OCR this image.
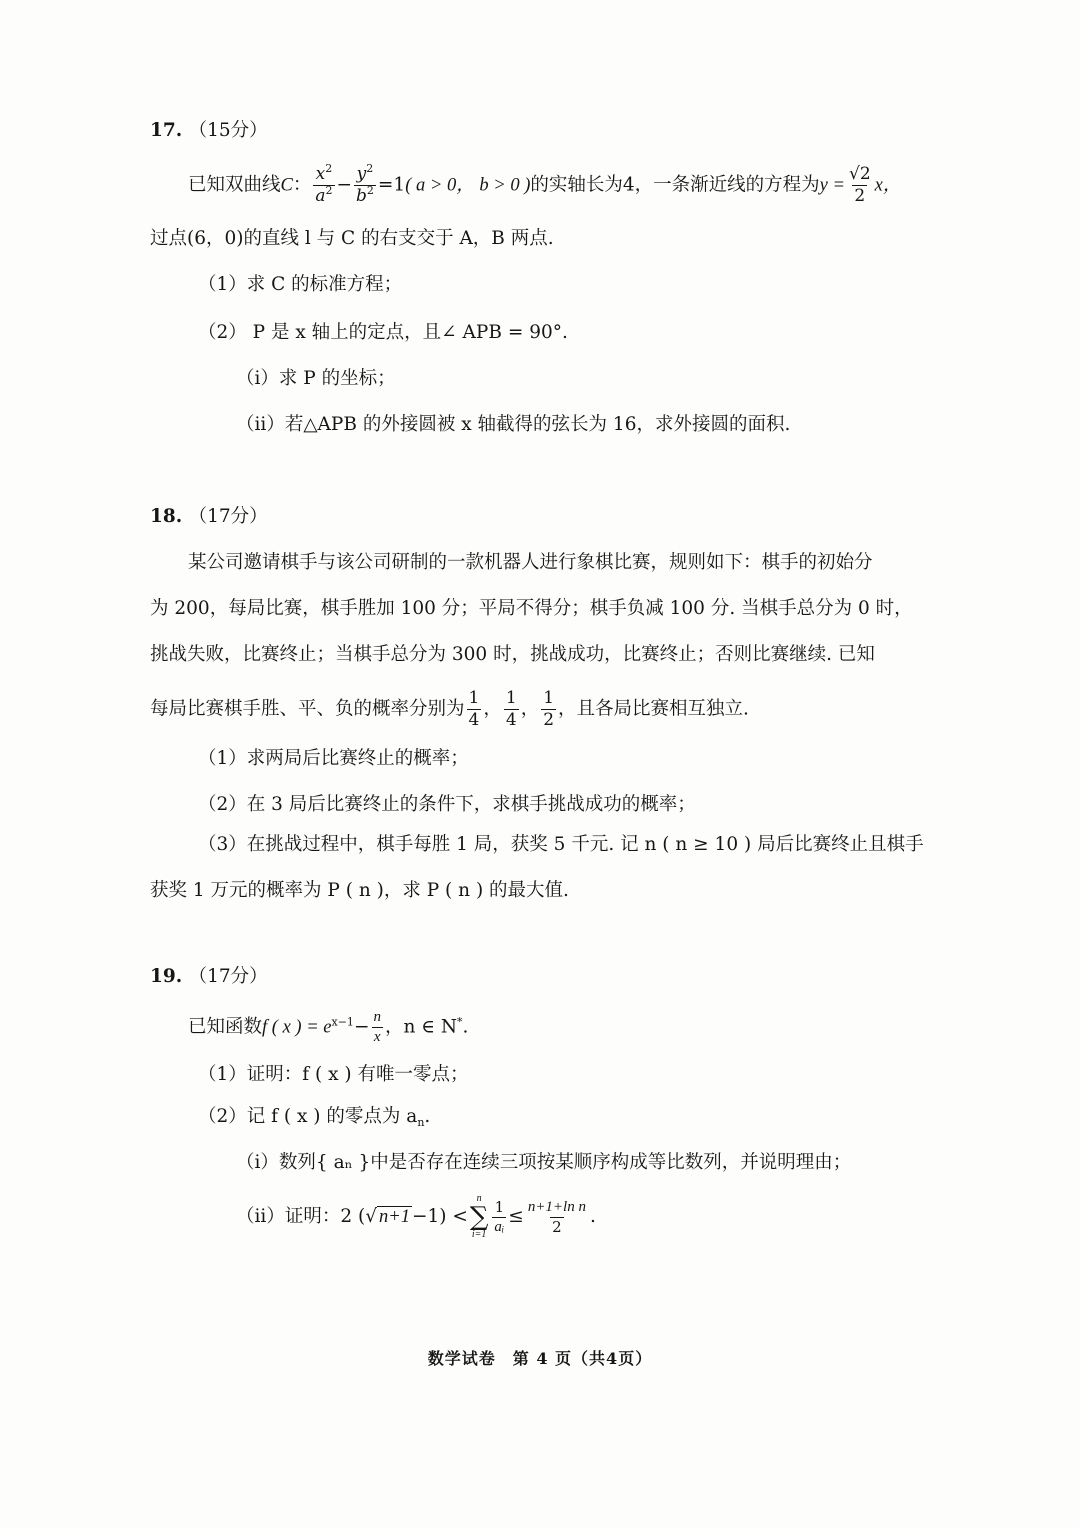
17. （15分）
已知双曲线C： $\frac{x^2}{a^2} - \frac{y^2}{b^2} =1$( a > 0， b > 0 )的实轴长为4，一条渐近线的方程为$y = \frac{√2}{2}$ x，
过点(6，0)的直线 l 与 C 的右支交于 A，B 两点.
（1）求 C 的标准方程；
（2） P 是 x 轴上的定点，且∠ APB = 90°.
（i）求 P 的坐标；
（ii）若△APB 的外接圆被 x 轴截得的弦长为 16，求外接圆的面积.
18. （17分）
某公司邀请棋手与该公司研制的一款机器人进行象棋比赛，规则如下：棋手的初始分
为 200，每局比赛，棋手胜加 100 分；平局不得分；棋手负减 100 分. 当棋手总分为 0 时，
挑战失败，比赛终止；当棋手总分为 300 时，挑战成功，比赛终止；否则比赛继续. 已知
每局比赛棋手胜、平、负的概率分别为 $\frac{1}{4}$ ， $\frac{1}{4}$ ， $\frac{1}{2}$ ，且各局比赛相互独立.
（1）求两局后比赛终止的概率；
（2）在 3 局后比赛终止的条件下，求棋手挑战成功的概率；
（3）在挑战过程中，棋手每胜 1 局，获奖 5 千元. 记 n ( n ≥ 10 ) 局后比赛终止且棋手
获奖 1 万元的概率为 P ( n )，求 P ( n ) 的最大值.
19. （17分）
已知函数f ( x ) = $e^{x-1}- \frac{n}{x}$ ，n ∈ N*.
（1）证明：f ( x ) 有唯一零点；
（2）记 f ( x ) 的零点为 $a_n$.
（i）数列{ aₙ }中是否存在连续三项按某顺序构成等比数列，并说明理由；
（ii）证明：2 (√ n+1 −1) <
n
∑
$i=1 \frac{1}{\text{aᵢ}} \le \frac{\text{n+1+ln n}}{2}$ .
数学试卷　第 4 页（共4页）
